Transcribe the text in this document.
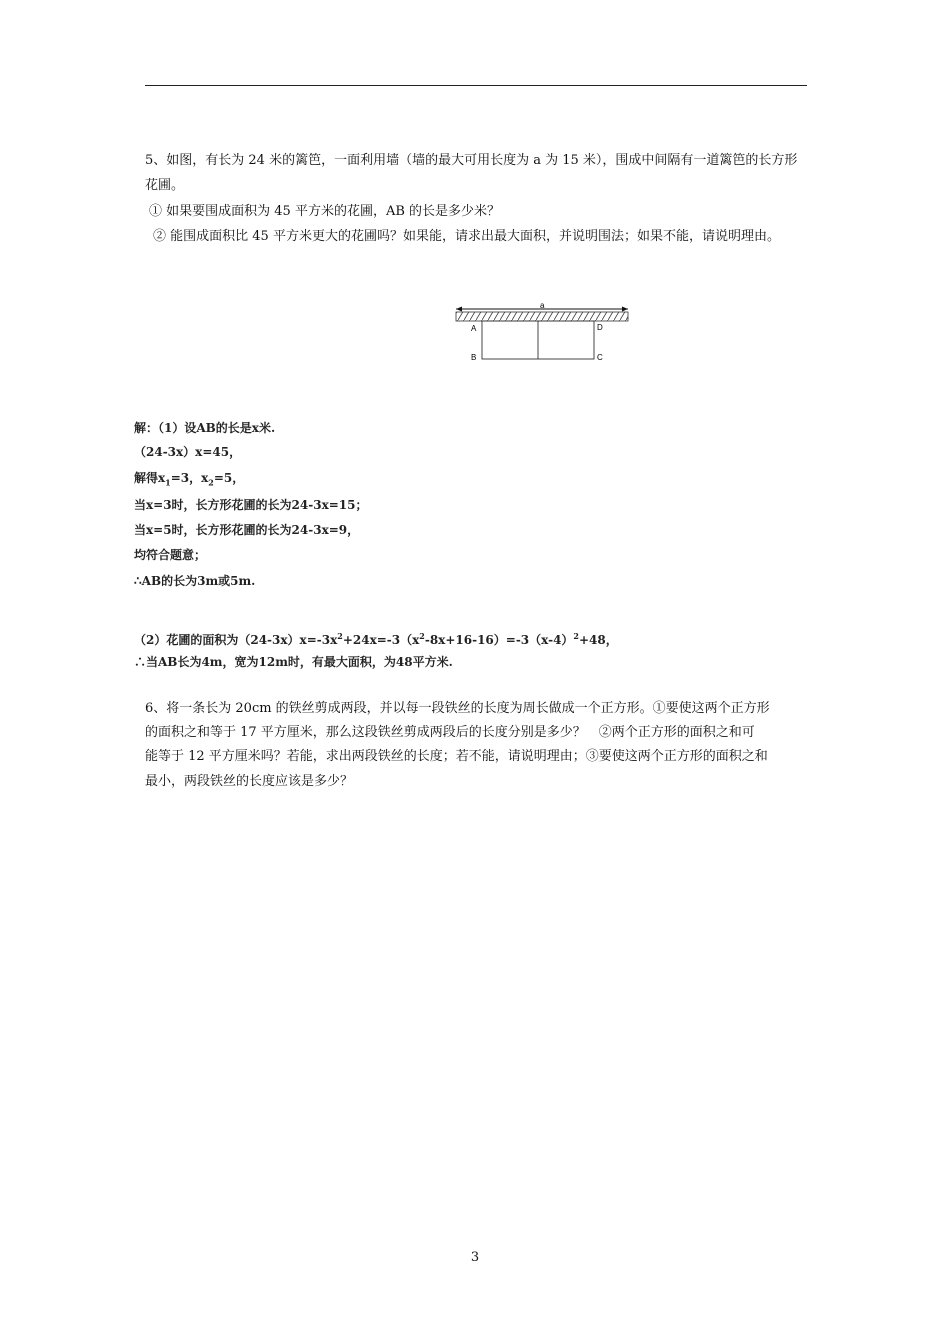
5、如图，有长为 24 米的篱笆，一面利用墙（墙的最大可用长度为 a 为 15 米），围成中间隔有一道篱笆的长方形
花圃。
① 如果要围成面积为 45 平方米的花圃，AB 的长是多少米？
② 能围成面积比 45 平方米更大的花圃吗？如果能，请求出最大面积，并说明围法；如果不能，请说明理由。
a
A
B	C
D
解：（1）设AB的长是x米.
（24-3x）x=45，
解得$x_1=3$，$x_2=5$，
当x=3时，长方形花圃的长为24-3x=15；
当x=5时，长方形花圃的长为24-3x=9，
均符合题意；
∴AB的长为3m或5m.
（2）花圃的面积为$(24-3x)x=-3x^2+24x=-3(x^2-8x+16-16)=-3(x-4)^2+48$，
∴当AB长为4m，宽为12m时，有最大面积，为48平方米.
6、将一条长为 20cm 的铁丝剪成两段，并以每一段铁丝的长度为周长做成一个正方形。①要使这两个正方形
的面积之和等于 17 平方厘米，那么这段铁丝剪成两段后的长度分别是多少？　②两个正方形的面积之和可
能等于 12 平方厘米吗？若能，求出两段铁丝的长度；若不能，请说明理由；③要使这两个正方形的面积之和
最小，两段铁丝的长度应该是多少？
3
